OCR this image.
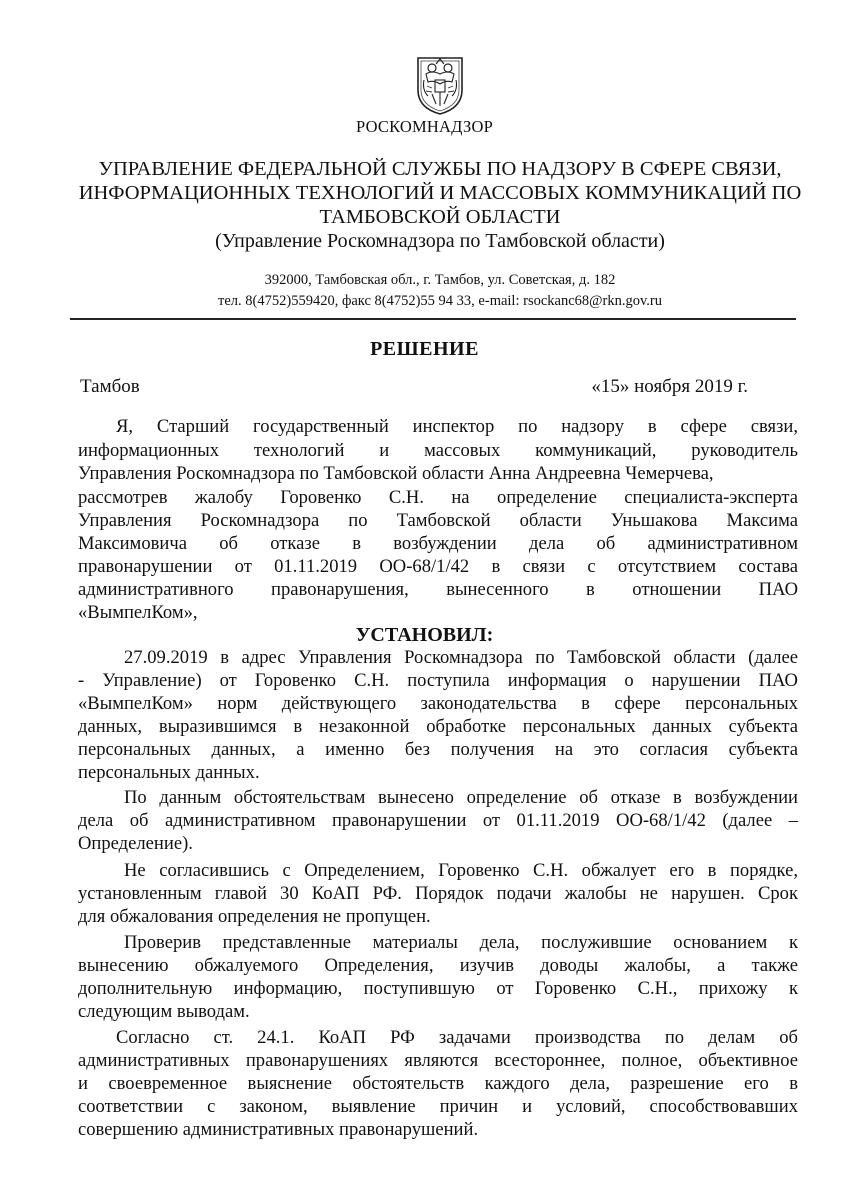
РОСКОМНАДЗОР
УПРАВЛЕНИЕ ФЕДЕРАЛЬНОЙ СЛУЖБЫ ПО НАДЗОРУ В СФЕРЕ СВЯЗИ,
ИНФОРМАЦИОННЫХ ТЕХНОЛОГИЙ И МАССОВЫХ КОММУНИКАЦИЙ ПО
ТАМБОВСКОЙ ОБЛАСТИ
(Управление Роскомнадзора по Тамбовской области)
392000, Тамбовская обл., г. Тамбов, ул. Советская, д. 182
тел. 8(4752)559420, факс 8(4752)55 94 33, e-mail: rsockanc68@rkn.gov.ru
РЕШЕНИЕ
Тамбов	«15» ноября 2019 г.
Я, Старший государственный инспектор по надзору в сфере связи,
информационных технологий и массовых коммуникаций, руководитель
Управления Роскомнадзора по Тамбовской области Анна Андреевна Чемерчева,
рассмотрев жалобу Горовенко С.Н. на определение специалиста-эксперта
Управления Роскомнадзора по Тамбовской области Уньшакова Максима
Максимовича об отказе в возбуждении дела об административном
правонарушении от 01.11.2019 ОО-68/1/42 в связи с отсутствием состава
административного правонарушения, вынесенного в отношении ПАО
«ВымпелКом»,
УСТАНОВИЛ:
27.09.2019 в адрес Управления Роскомнадзора по Тамбовской области (далее
- Управление) от Горовенко С.Н. поступила информация о нарушении ПАО
«ВымпелКом» норм действующего законодательства в сфере персональных
данных, выразившимся в незаконной обработке персональных данных субъекта
персональных данных, а именно без получения на это согласия субъекта
персональных данных.
По данным обстоятельствам вынесено определение об отказе в возбуждении
дела об административном правонарушении от 01.11.2019 ОО-68/1/42 (далее –
Определение).
Не согласившись с Определением, Горовенко С.Н. обжалует его в порядке,
установленным главой 30 КоАП РФ. Порядок подачи жалобы не нарушен. Срок
для обжалования определения не пропущен.
Проверив представленные материалы дела, послужившие основанием к
вынесению обжалуемого Определения, изучив доводы жалобы, а также
дополнительную информацию, поступившую от Горовенко С.Н., прихожу к
следующим выводам.
Согласно ст. 24.1. КоАП РФ задачами производства по делам об
административных правонарушениях являются всестороннее, полное, объективное
и своевременное выяснение обстоятельств каждого дела, разрешение его в
соответствии с законом, выявление причин и условий, способствовавших
совершению административных правонарушений.
